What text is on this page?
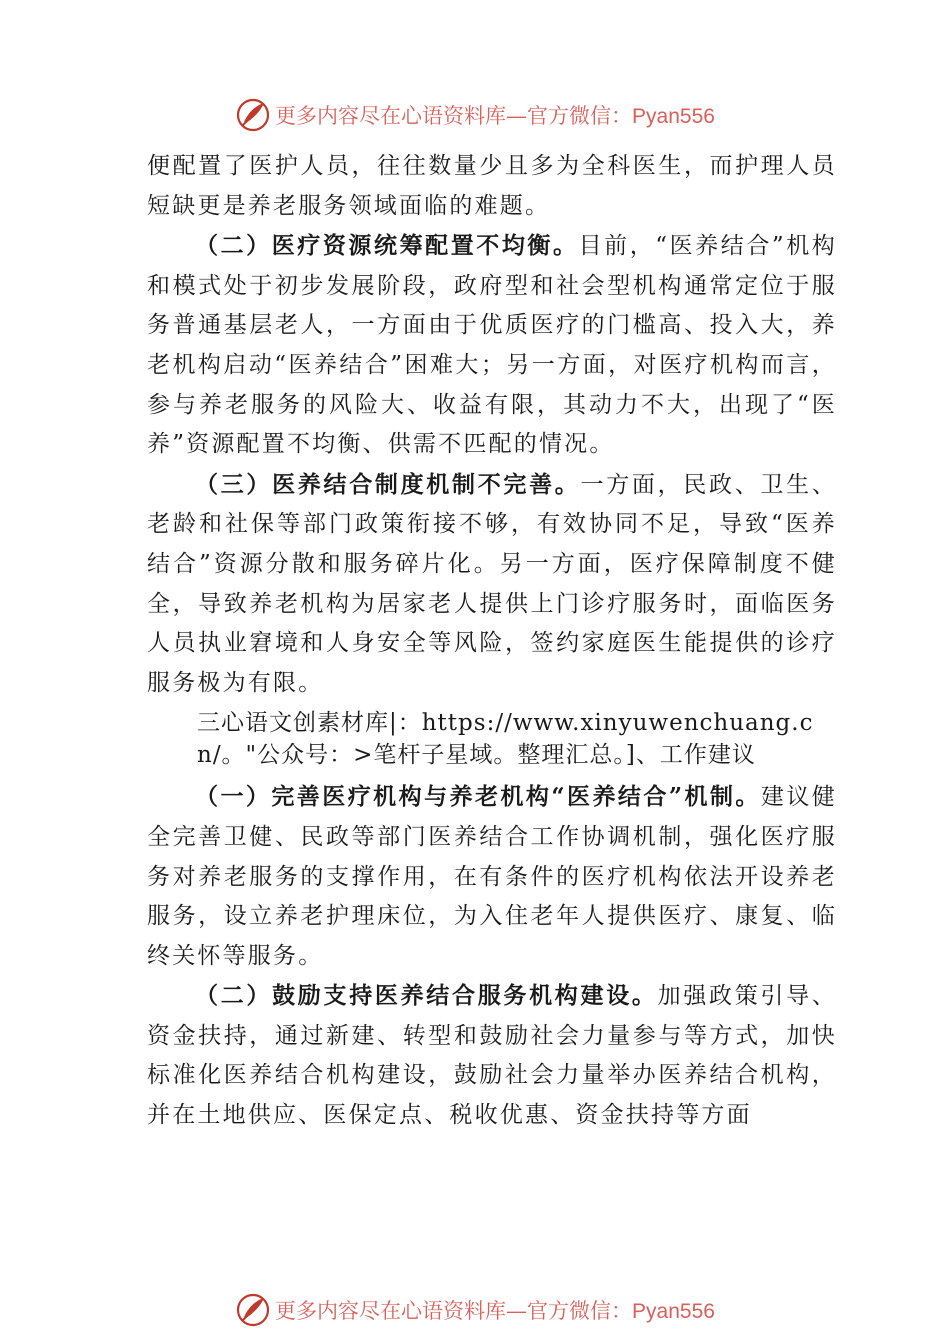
更多内容尽在心语资料库—官方微信：Pyan556

便配置了医护人员，往往数量少且多为全科医生，而护理人员短缺更是养老服务领域面临的难题。

（二）医疗资源统筹配置不均衡。目前，“医养结合”机构和模式处于初步发展阶段，政府型和社会型机构通常定位于服务普通基层老人，一方面由于优质医疗的门槛高、投入大，养老机构启动“医养结合”困难大；另一方面，对医疗机构而言，参与养老服务的风险大、收益有限，其动力不大，出现了“医养”资源配置不均衡、供需不匹配的情况。

（三）医养结合制度机制不完善。一方面，民政、卫生、老龄和社保等部门政策衔接不够，有效协同不足，导致“医养结合”资源分散和服务碎片化。另一方面，医疗保障制度不健全，导致养老机构为居家老人提供上门诊疗服务时，面临医务人员执业窘境和人身安全等风险，签约家庭医生能提供的诊疗服务极为有限。

三心语文创素材库|：https://www.xinyuwenchuang.cn/。"公众号：>笔杆子星域。整理汇总。]、工作建议

（一）完善医疗机构与养老机构“医养结合”机制。建议健全完善卫健、民政等部门医养结合工作协调机制，强化医疗服务对养老服务的支撑作用，在有条件的医疗机构依法开设养老服务，设立养老护理床位，为入住老年人提供医疗、康复、临终关怀等服务。

（二）鼓励支持医养结合服务机构建设。加强政策引导、资金扶持，通过新建、转型和鼓励社会力量参与等方式，加快标准化医养结合机构建设，鼓励社会力量举办医养结合机构，并在土地供应、医保定点、税收优惠、资金扶持等方面

更多内容尽在心语资料库—官方微信：Pyan556
